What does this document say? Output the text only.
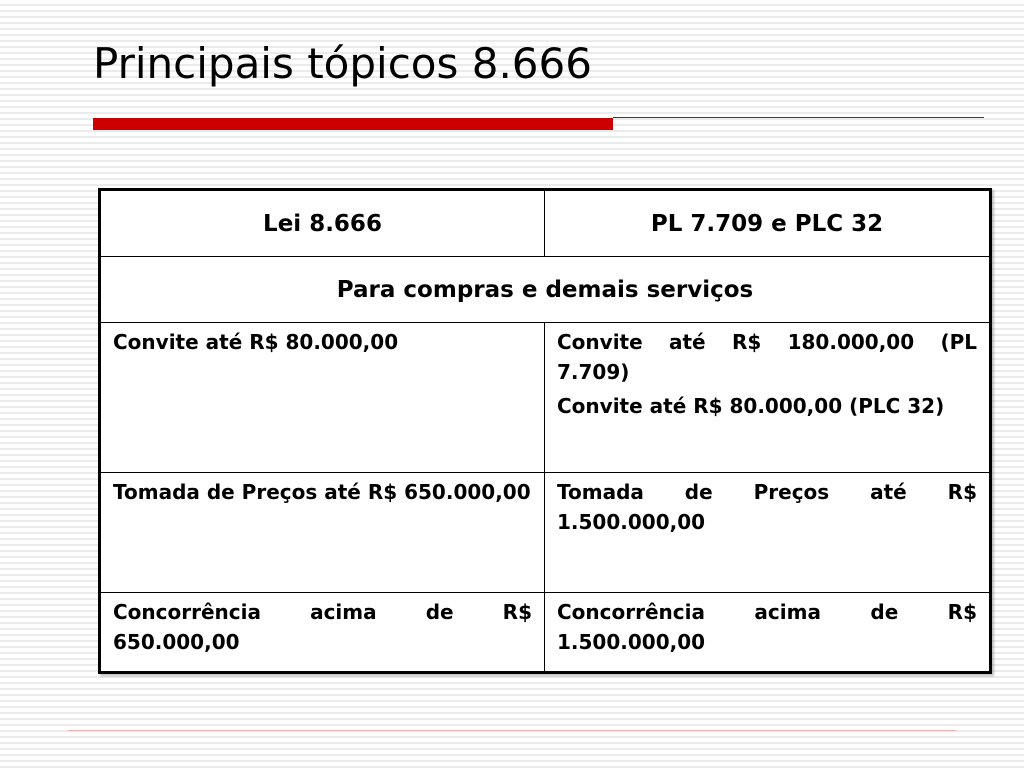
Principais tópicos 8.666
Lei 8.666	PL 7.709 e PLC 32
Para compras e demais serviços	

Convite até R$ 80.000,00	Convite até R$ 180.000,00 (PL 7.709)

Convite até R$ 80.000,00 (PLC 32)

Tomada de Preços até R$ 650.000,00	Tomada de Preços até R$ 1.500.000,00

Concorrência acima de R$ 650.000,00	Concorrência acima de R$ 1.500.000,00
